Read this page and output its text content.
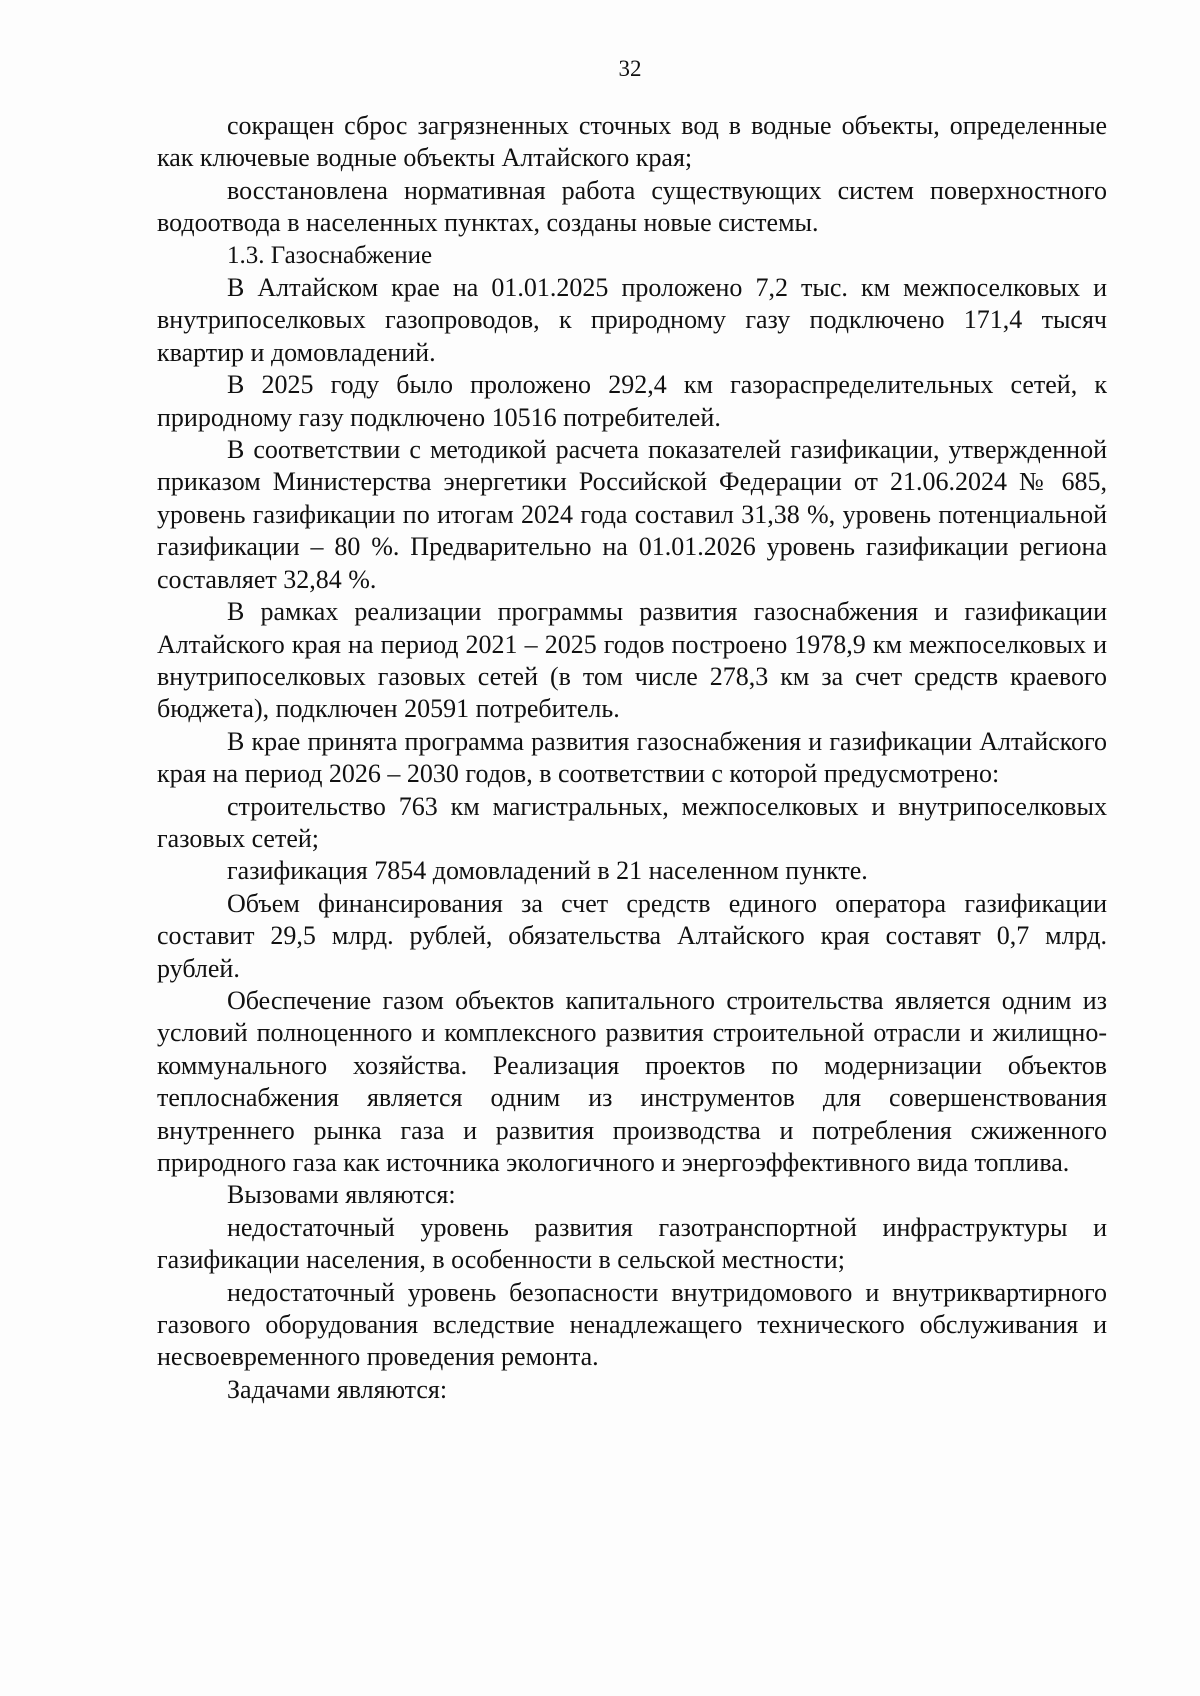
32

сокращен сброс загрязненных сточных вод в водные объекты, определенные как ключевые водные объекты Алтайского края;

восстановлена нормативная работа существующих систем поверхностного водоотвода в населенных пунктах, созданы новые системы.

1.3. Газоснабжение

В Алтайском крае на 01.01.2025 проложено 7,2 тыс. км межпоселковых и внутрипоселковых газопроводов, к природному газу подключено 171,4 тысяч квартир и домовладений.

В 2025 году было проложено 292,4 км газораспределительных сетей, к природному газу подключено 10516 потребителей.

В соответствии с методикой расчета показателей газификации, утвержденной приказом Министерства энергетики Российской Федерации от 21.06.2024 № 685, уровень газификации по итогам 2024 года составил 31,38 %, уровень потенциальной газификации – 80 %. Предварительно на 01.01.2026 уровень газификации региона составляет 32,84 %.

В рамках реализации программы развития газоснабжения и газификации Алтайского края на период 2021 – 2025 годов построено 1978,9 км межпоселковых и внутрипоселковых газовых сетей (в том числе 278,3 км за счет средств краевого бюджета), подключен 20591 потребитель.

В крае принята программа развития газоснабжения и газификации Алтайского края на период 2026 – 2030 годов, в соответствии с которой предусмотрено:

строительство 763 км магистральных, межпоселковых и внутрипоселковых газовых сетей;

газификация 7854 домовладений в 21 населенном пункте.

Объем финансирования за счет средств единого оператора газификации составит 29,5 млрд. рублей, обязательства Алтайского края составят 0,7 млрд. рублей.

Обеспечение газом объектов капитального строительства является одним из условий полноценного и комплексного развития строительной отрасли и жилищно-коммунального хозяйства. Реализация проектов по модернизации объектов теплоснабжения является одним из инструментов для совершенствования внутреннего рынка газа и развития производства и потребления сжиженного природного газа как источника экологичного и энергоэффективного вида топлива.

Вызовами являются:

недостаточный уровень развития газотранспортной инфраструктуры и газификации населения, в особенности в сельской местности;

недостаточный уровень безопасности внутридомового и внутриквартирного газового оборудования вследствие ненадлежащего технического обслуживания и несвоевременного проведения ремонта.

Задачами являются:
